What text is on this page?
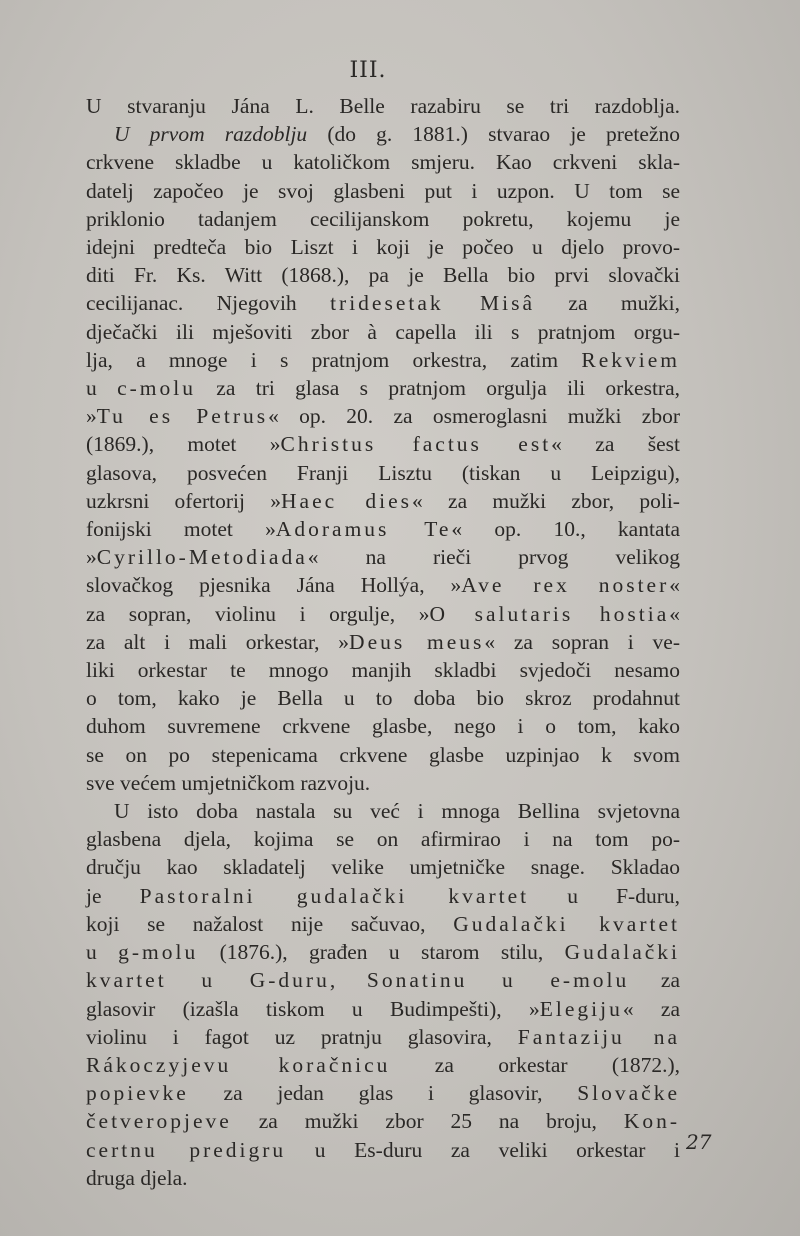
III.
U stvaranju Jána L. Belle razabiru se tri razdoblja.
U prvom razdoblju (do g. 1881.) stvarao je pretežno
crkvene skladbe u katoličkom smjeru. Kao crkveni skla-
datelj započeo je svoj glasbeni put i uzpon. U tom se
priklonio tadanjem cecilijanskom pokretu, kojemu je
idejni predteča bio Liszt i koji je počeo u djelo provo-
diti Fr. Ks. Witt (1868.), pa je Bella bio prvi slovački
cecilijanac. Njegovih tridesetak Misâ za mužki,
dječački ili mješoviti zbor à capella ili s pratnjom orgu-
lja, a mnoge i s pratnjom orkestra, zatim Rekviem
u c-molu za tri glasa s pratnjom orgulja ili orkestra,
»Tu es Petrus« op. 20. za osmeroglasni mužki zbor
(1869.), motet »Christus factus est« za šest
glasova, posvećen Franji Lisztu (tiskan u Leipzigu),
uzkrsni ofertorij »Haec dies« za mužki zbor, poli-
fonijski motet »Adoramus Te« op. 10., kantata
»Cyrillo-Metodiada« na rieči prvog velikog
slovačkog pjesnika Jána Hollýa, »Ave rex noster«
za sopran, violinu i orgulje, »O salutaris hostia«
za alt i mali orkestar, »Deus meus« za sopran i ve-
liki orkestar te mnogo manjih skladbi svjedoči nesamo
o tom, kako je Bella u to doba bio skroz prodahnut
duhom suvremene crkvene glasbe, nego i o tom, kako
se on po stepenicama crkvene glasbe uzpinjao k svom
sve većem umjetničkom razvoju.
U isto doba nastala su već i mnoga Bellina svjetovna
glasbena djela, kojima se on afirmirao i na tom po-
dručju kao skladatelj velike umjetničke snage. Skladao
je Pastoralni gudalački kvartet u F-duru,
koji se nažalost nije sačuvao, Gudalački kvartet
u g-molu (1876.), građen u starom stilu, Gudalački
kvartet u G-duru, Sonatinu u e-molu za
glasovir (izašla tiskom u Budimpešti), »Elegiju« za
violinu i fagot uz pratnju glasovira, Fantaziju na
Rákoczyjevu koračnicu za orkestar (1872.),
popievke za jedan glas i glasovir, Slovačke
četveropjeve za mužki zbor 25 na broju, Kon-
certnu predigru u Es-duru za veliki orkestar i
druga djela.
27
